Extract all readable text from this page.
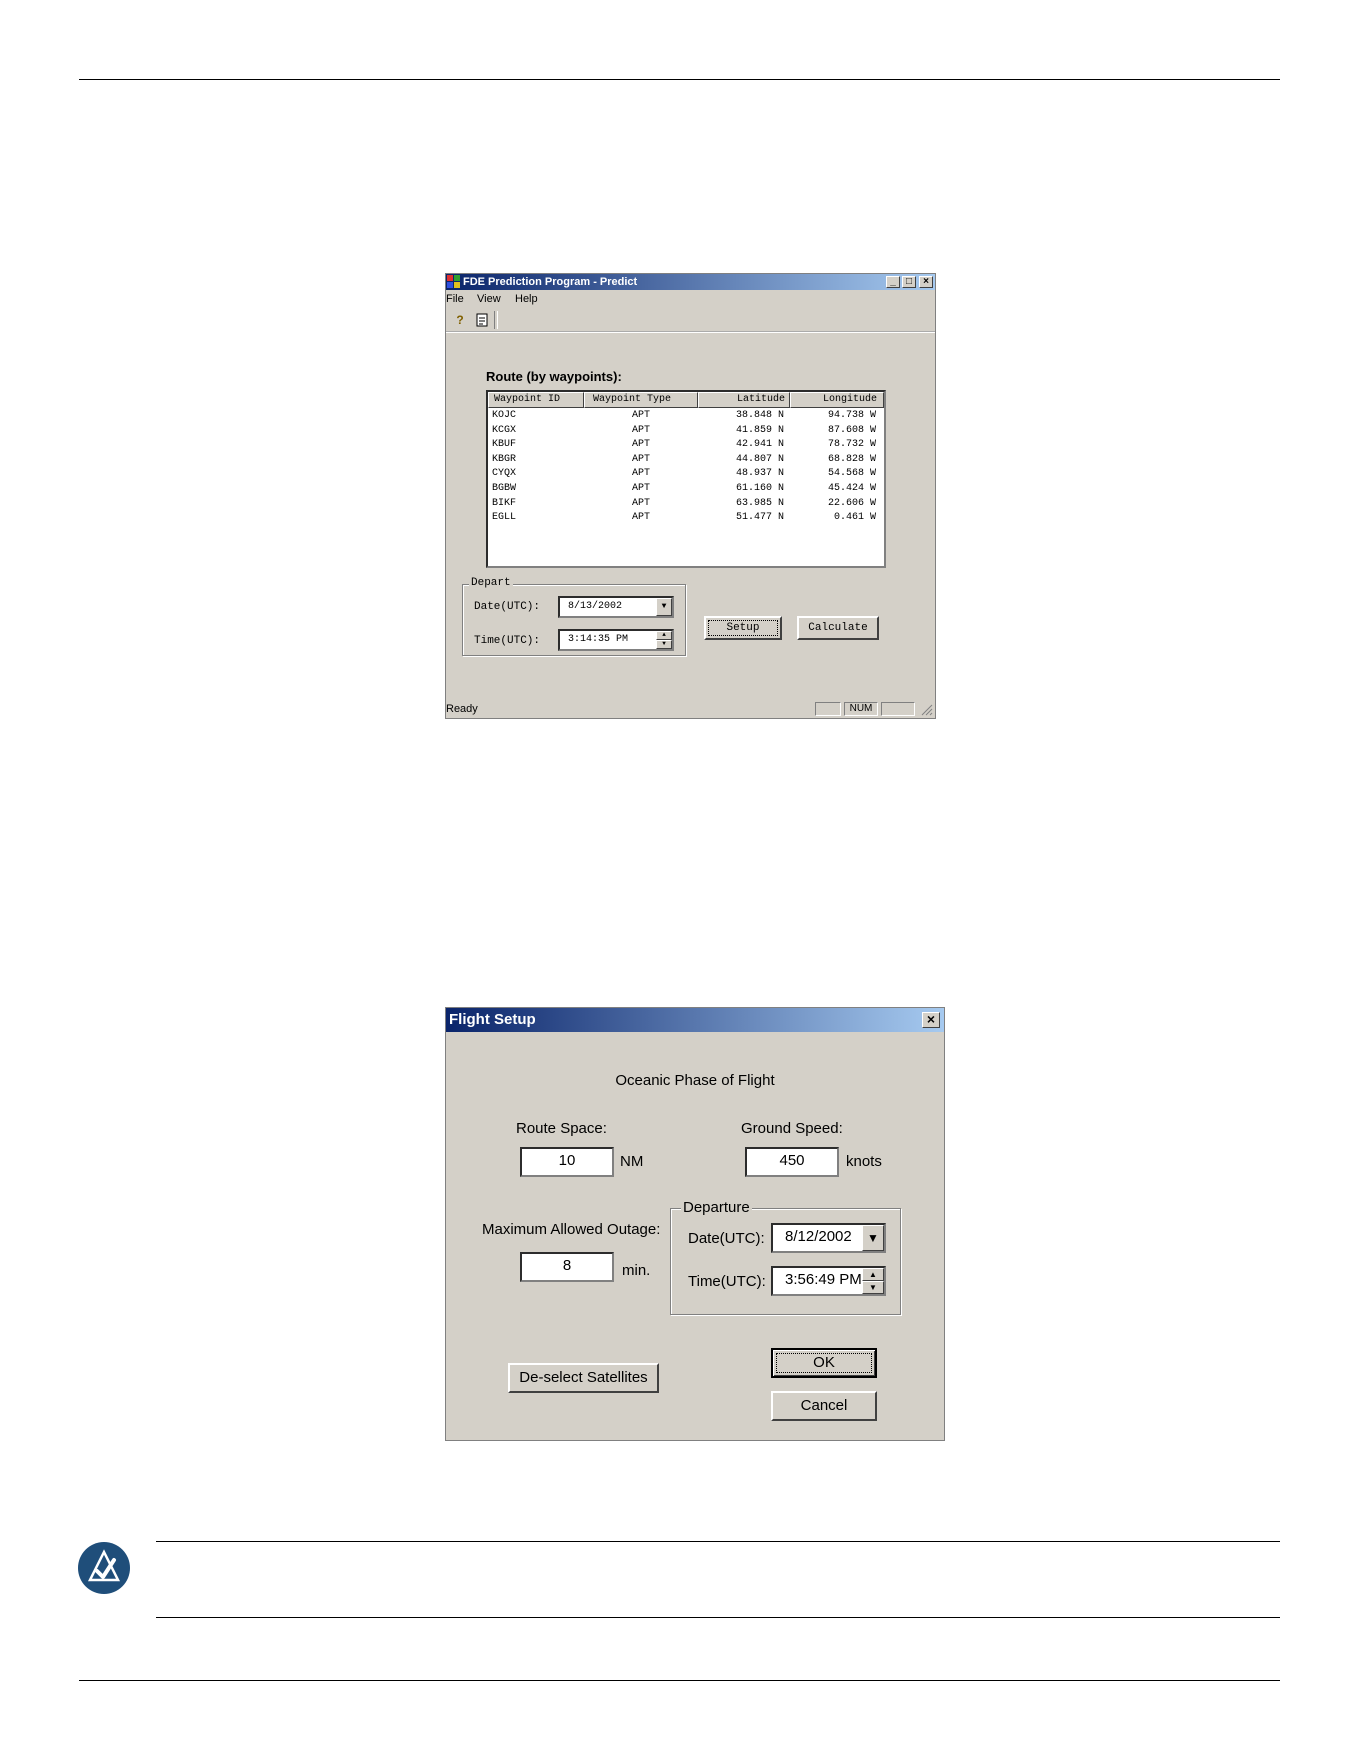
FDE Prediction Program - Predict	_	□	×
File View Help
?
Route (by waypoints):
Waypoint ID	Waypoint Type	Latitude	Longitude
KOJC	APT	38.848 N	94.738 W
KCGX	APT	41.859 N	87.608 W
KBUF	APT	42.941 N	78.732 W
KBGR	APT	44.807 N	68.828 W
CYQX	APT	48.937 N	54.568 W
BGBW	APT	61.160 N	45.424 W
BIKF	APT	63.985 N	22.606 W
EGLL	APT	51.477 N	0.461 W
Depart
Date(UTC):	8/13/2002	▼
Time(UTC):	3:14:35 PM	▲
▼
Setup	Calculate
Ready	NUM
Flight Setup	×
Oceanic Phase of Flight
Route Space:
10	NM
Ground Speed:
450	knots
Maximum Allowed Outage:
8	min.
Departure
Date(UTC):	8/12/2002	▼
Time(UTC):	3:56:49 PM ▲
▼
De-select Satellites
OK
Cancel
